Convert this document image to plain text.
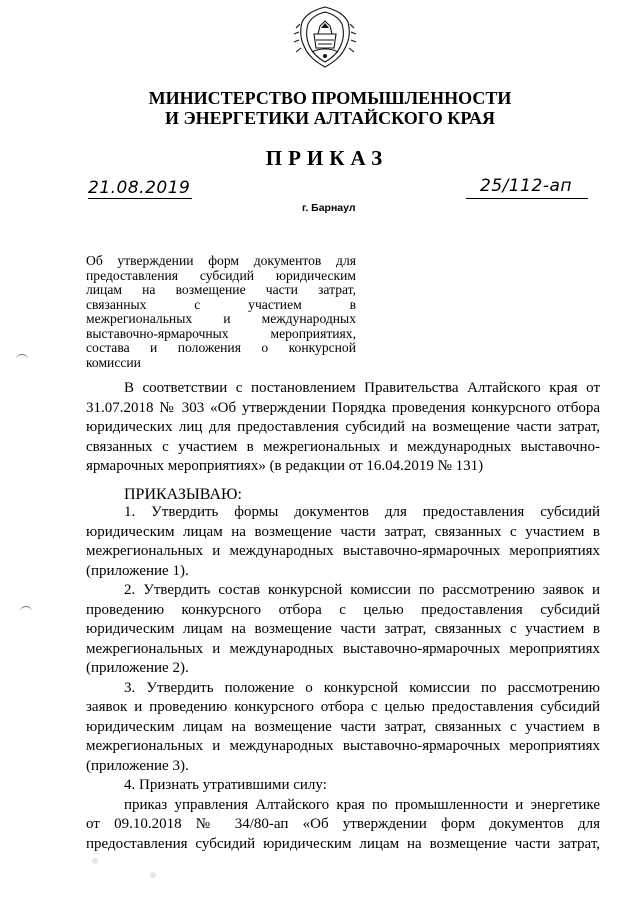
МИНИСТЕРСТВО ПРОМЫШЛЕННОСТИ
И ЭНЕРГЕТИКИ АЛТАЙСКОГО КРАЯ
ПРИКАЗ
21.08.2019	25/112-ап
г. Барнаул
Об утверждении форм документов для
предоставления субсидий юридическим
лицам на возмещение части затрат,
связанных с участием в
межрегиональных и международных
выставочно-ярмарочных мероприятиях,
состава и положения о конкурсной
комиссии
В соответствии с постановлением Правительства Алтайского края от
31.07.2018 № 303 «Об утверждении Порядка проведения конкурсного отбора
юридических лиц для предоставления субсидий на возмещение части затрат,
связанных с участием в межрегиональных и международных выставочно-
ярмарочных мероприятиях» (в редакции от 16.04.2019 № 131)
ПРИКАЗЫВАЮ:
1. Утвердить формы документов для предоставления субсидий
юридическим лицам на возмещение части затрат, связанных с участием в
межрегиональных и международных выставочно-ярмарочных мероприятиях
(приложение 1).
2. Утвердить состав конкурсной комиссии по рассмотрению заявок и
проведению конкурсного отбора с целью предоставления субсидий
юридическим лицам на возмещение части затрат, связанных с участием в
межрегиональных и международных выставочно-ярмарочных мероприятиях
(приложение 2).
3. Утвердить положение о конкурсной комиссии по рассмотрению
заявок и проведению конкурсного отбора с целью предоставления субсидий
юридическим лицам на возмещение части затрат, связанных с участием в
межрегиональных и международных выставочно-ярмарочных мероприятиях
(приложение 3).
4. Признать утратившими силу:
приказ управления Алтайского края по промышленности и энергетике
от 09.10.2018 № 34/80-ап «Об утверждении форм документов для
предоставления субсидий юридическим лицам на возмещение части затрат,
